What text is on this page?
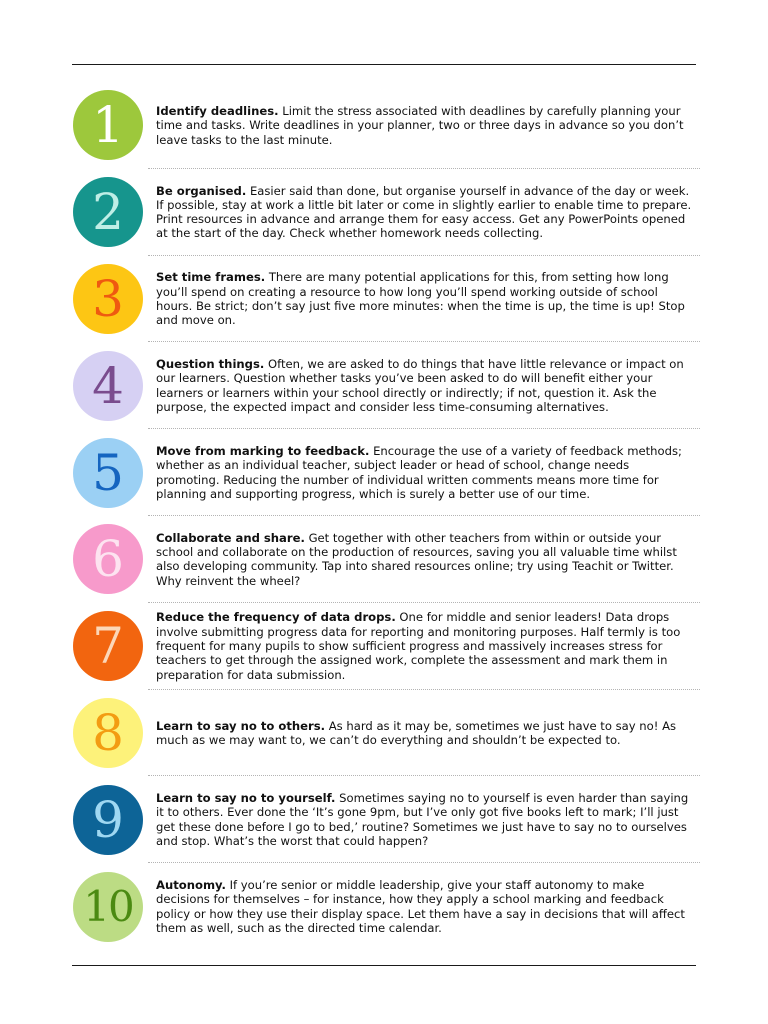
1	Identify deadlines. Limit the stress associated with deadlines by carefully planning your time and tasks. Write deadlines in your planner, two or three days in advance so you don’t leave tasks to the last minute.
2	Be organised. Easier said than done, but organise yourself in advance of the day or week. If possible, stay at work a little bit later or come in slightly earlier to enable time to prepare. Print resources in advance and arrange them for easy access. Get any PowerPoints opened at the start of the day. Check whether homework needs collecting.
3	Set time frames. There are many potential applications for this, from setting how long you’ll spend on creating a resource to how long you’ll spend working outside of school hours. Be strict; don’t say just five more minutes: when the time is up, the time is up! Stop and move on.
4	Question things. Often, we are asked to do things that have little relevance or impact on our learners. Question whether tasks you’ve been asked to do will benefit either your learners or learners within your school directly or indirectly; if not, question it. Ask the purpose, the expected impact and consider less time-consuming alternatives.
5	Move from marking to feedback. Encourage the use of a variety of feedback methods; whether as an individual teacher, subject leader or head of school, change needs promoting. Reducing the number of individual written comments means more time for planning and supporting progress, which is surely a better use of our time.
6	Collaborate and share. Get together with other teachers from within or outside your school and collaborate on the production of resources, saving you all valuable time whilst also developing community. Tap into shared resources online; try using Teachit or Twitter. Why reinvent the wheel?
7	Reduce the frequency of data drops. One for middle and senior leaders! Data drops involve submitting progress data for reporting and monitoring purposes. Half termly is too frequent for many pupils to show sufficient progress and massively increases stress for teachers to get through the assigned work, complete the assessment and mark them in preparation for data submission.
8	Learn to say no to others. As hard as it may be, sometimes we just have to say no! As much as we may want to, we can’t do everything and shouldn’t be expected to.
9	Learn to say no to yourself. Sometimes saying no to yourself is even harder than saying it to others. Ever done the ‘It’s gone 9pm, but I’ve only got five books left to mark; I’ll just get these done before I go to bed,’ routine? Sometimes we just have to say no to ourselves and stop. What’s the worst that could happen?
10	Autonomy. If you’re senior or middle leadership, give your staff autonomy to make decisions for themselves – for instance, how they apply a school marking and feedback policy or how they use their display space. Let them have a say in decisions that will affect them as well, such as the directed time calendar.
